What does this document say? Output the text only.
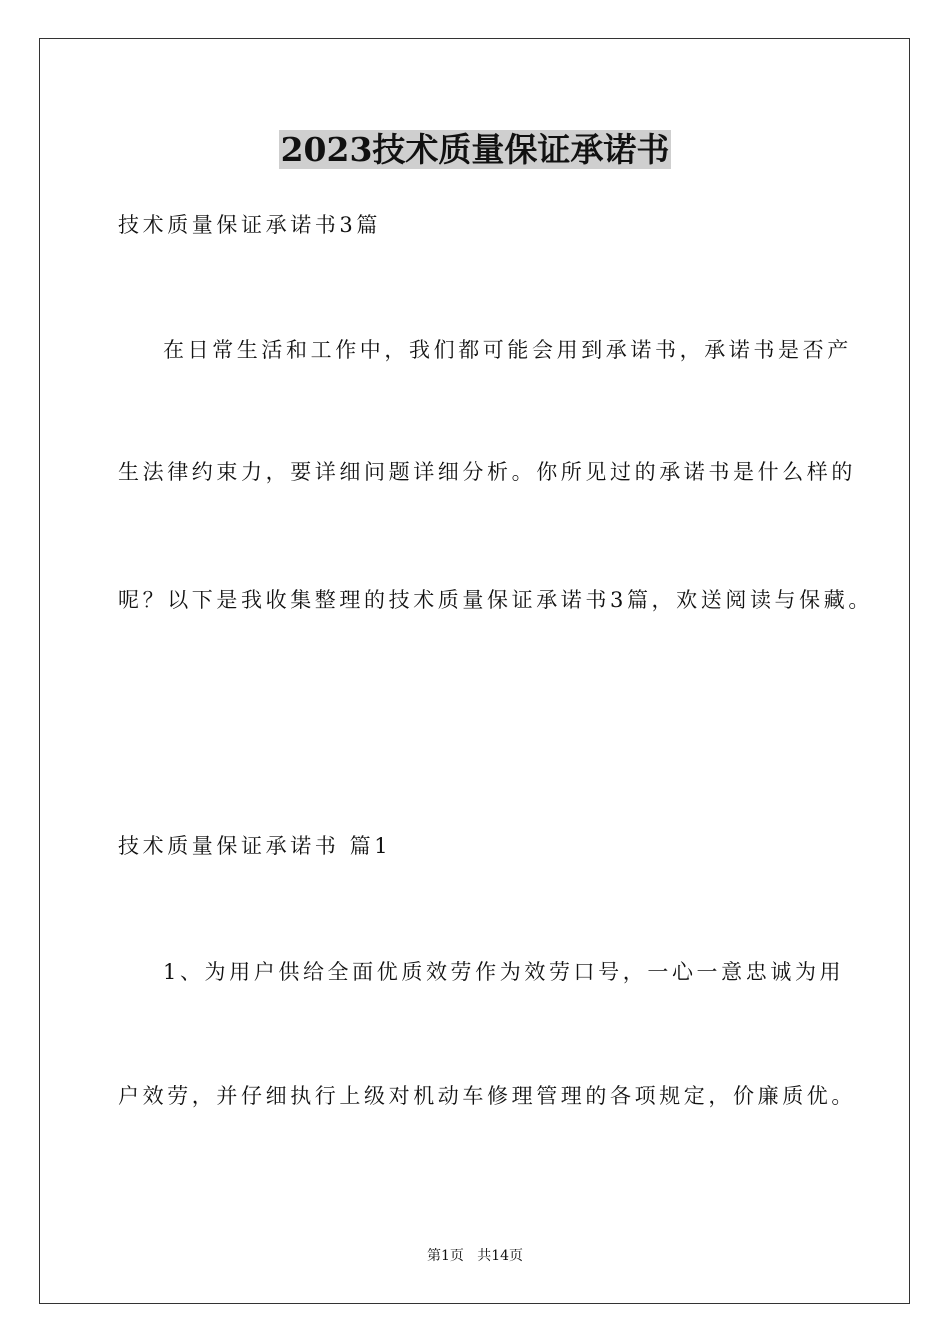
2023技术质量保证承诺书
技术质量保证承诺书3篇
在日常生活和工作中，我们都可能会用到承诺书，承诺书是否产
生法律约束力，要详细问题详细分析。你所见过的承诺书是什么样的
呢？以下是我收集整理的技术质量保证承诺书3篇，欢送阅读与保藏。
技术质量保证承诺书 篇1
1、为用户供给全面优质效劳作为效劳口号，一心一意忠诚为用
户效劳，并仔细执行上级对机动车修理管理的各项规定，价廉质优。
第1页   共14页
